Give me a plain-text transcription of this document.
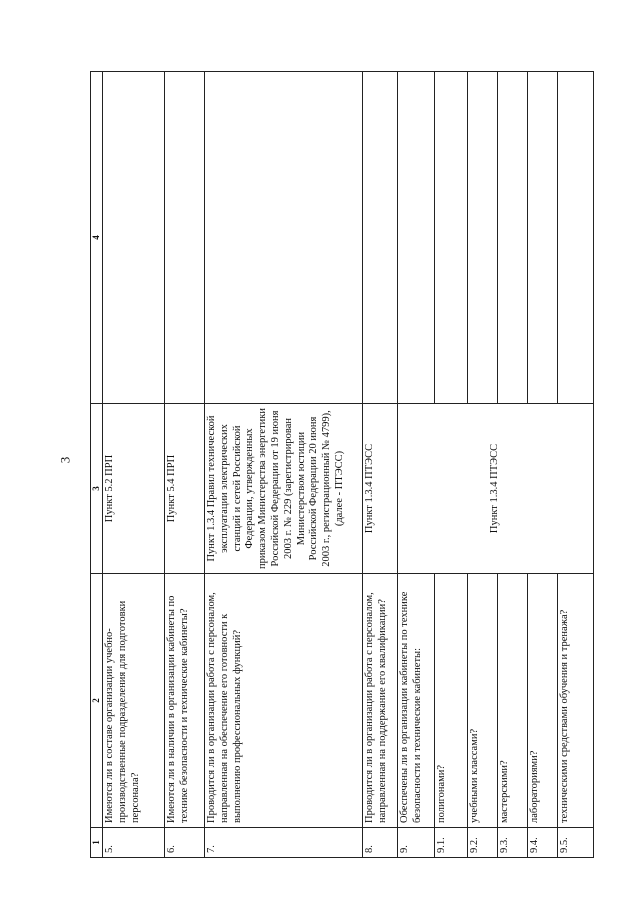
3
1	2	3	4
5.	Имеются ли в составе организации учебно-производственные подразделения для подготовки персонала?	Пункт 5.2 ПРП	
6.	Имеются ли в наличии в организации кабинеты по технике безопасности и технические кабинеты?	Пункт 5.4 ПРП	
7.	Проводится ли в организации работа с персоналом, направленная на обеспечение его готовности к выполнению профессиональных функций?	Пункт 1.3.4 Правил технической эксплуатации электрических станций и сетей Российской Федерации, утвержденных приказом Министерства энергетики Российской Федерации от 19 июня 2003 г. № 229 (зарегистрирован Министерством юстиции Российской Федерации 20 июня 2003 г., регистрационный № 4799), (далее - ПТЭСС)	
8.	Проводится ли в организации работа с персоналом, направленная на поддержание его квалификации?	Пункт 1.3.4 ПТЭСС	
9.	Обеспечены ли в организации кабинеты по технике безопасности и технические кабинеты:	Пункт 1.3.4 ПТЭСС	
9.1.	полигонами?		
9.2.	учебными классами?		
9.3.	мастерскими?		
9.4.	лабораториями?		
9.5.	техническими средствами обучения и тренажа?		
